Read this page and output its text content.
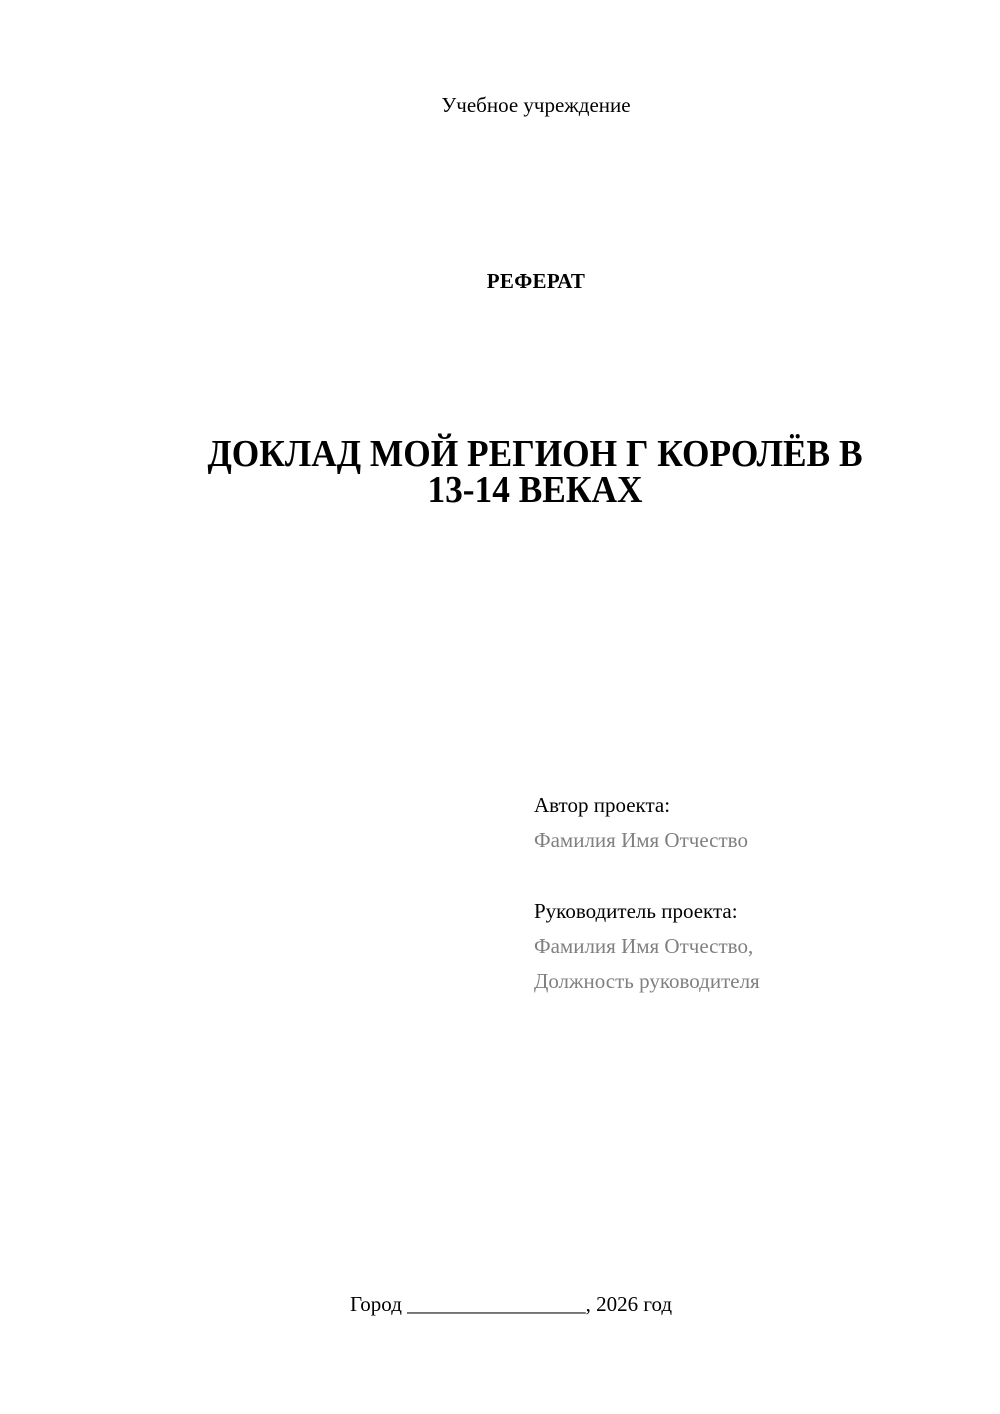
Учебное учреждение
РЕФЕРАТ
ДОКЛАД МОЙ РЕГИОН Г КОРОЛЁВ В
13-14 ВЕКАХ
Автор проекта:
Фамилия Имя Отчество
Руководитель проекта:
Фамилия Имя Отчество,
Должность руководителя
Город _________________, 2026 год
